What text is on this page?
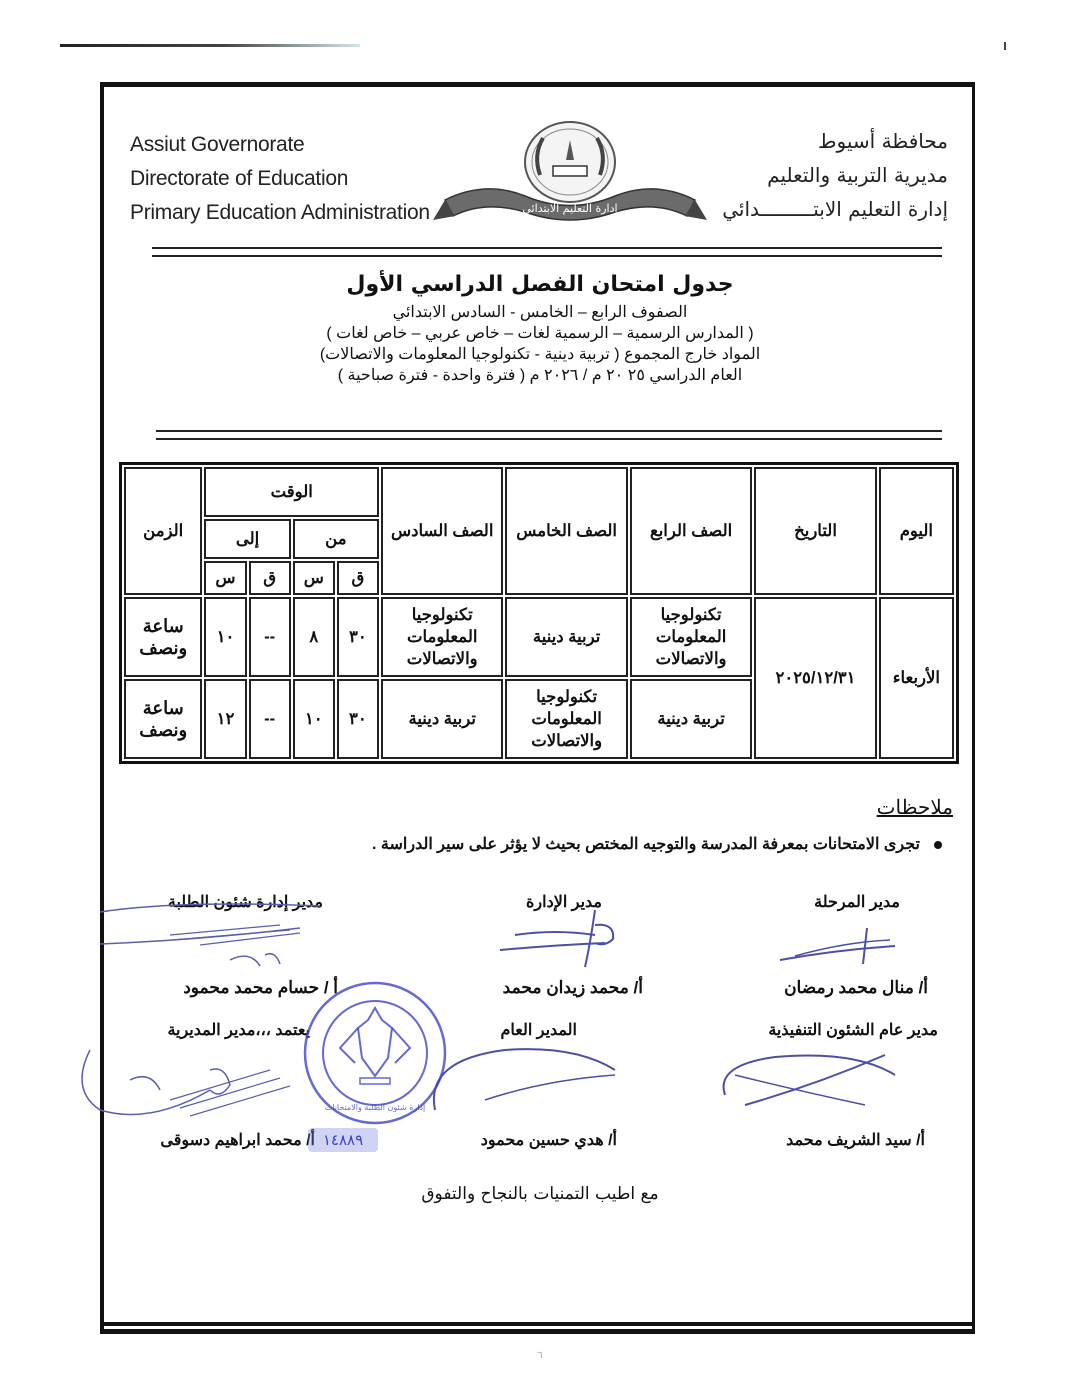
Assiut Governorate
Directorate of Education
Primary Education Administration	إدارة التعليم الابتدائي
محافظة أسيوط
مديرية التربية والتعليم
إدارة التعليم الابتـــــــــدائي
جدول امتحان الفصل الدراسي الأول
الصفوف الرابع – الخامس - السادس الابتدائي
( المدارس الرسمية – الرسمية لغات – خاص عربي – خاص لغات )
المواد خارج المجموع ( تربية دينية - تكنولوجيا المعلومات والاتصالات)
العام الدراسي ٢٥ ٢٠ م / ٢٠٢٦ م ( فترة واحدة - فترة صباحية )
اليوم	التاريخ	الصف الرابع	الصف الخامس	الصف السادس	الوقت				الزمن
					من		إلى		
					ق	س	ق	س	
الأربعاء	٢٠٢٥/١٢/٣١	تكنولوجيا المعلومات والاتصالات	تربية دينية	تكنولوجيا المعلومات والاتصالات	٣٠	٨	--	١٠	ساعة ونصف
		تربية دينية	تكنولوجيا المعلومات والاتصالات	تربية دينية	٣٠	١٠	--	١٢	ساعة ونصف
ملاحظات
تجرى الامتحانات بمعرفة المدرسة والتوجيه المختص بحيث لا يؤثر على سير الدراسة .
مدير المرحلة
مدير الإدارة
مدير إدارة شئون الطلبة
أ/ منال محمد رمضان
أ/ محمد زيدان محمد
أ / حسام محمد محمود
مدير عام الشئون التنفيذية
المدير العام
يعتمد ،،،مدير المديرية
أ/ سيد الشريف محمد
أ/ هدي حسين محمود
أ/ محمد ابراهيم دسوقى
إدارة شئون الطلبة والامتحانات
١٤٨٨٩
مع اطيب التمنيات بالنجاح والتفوق
٦
